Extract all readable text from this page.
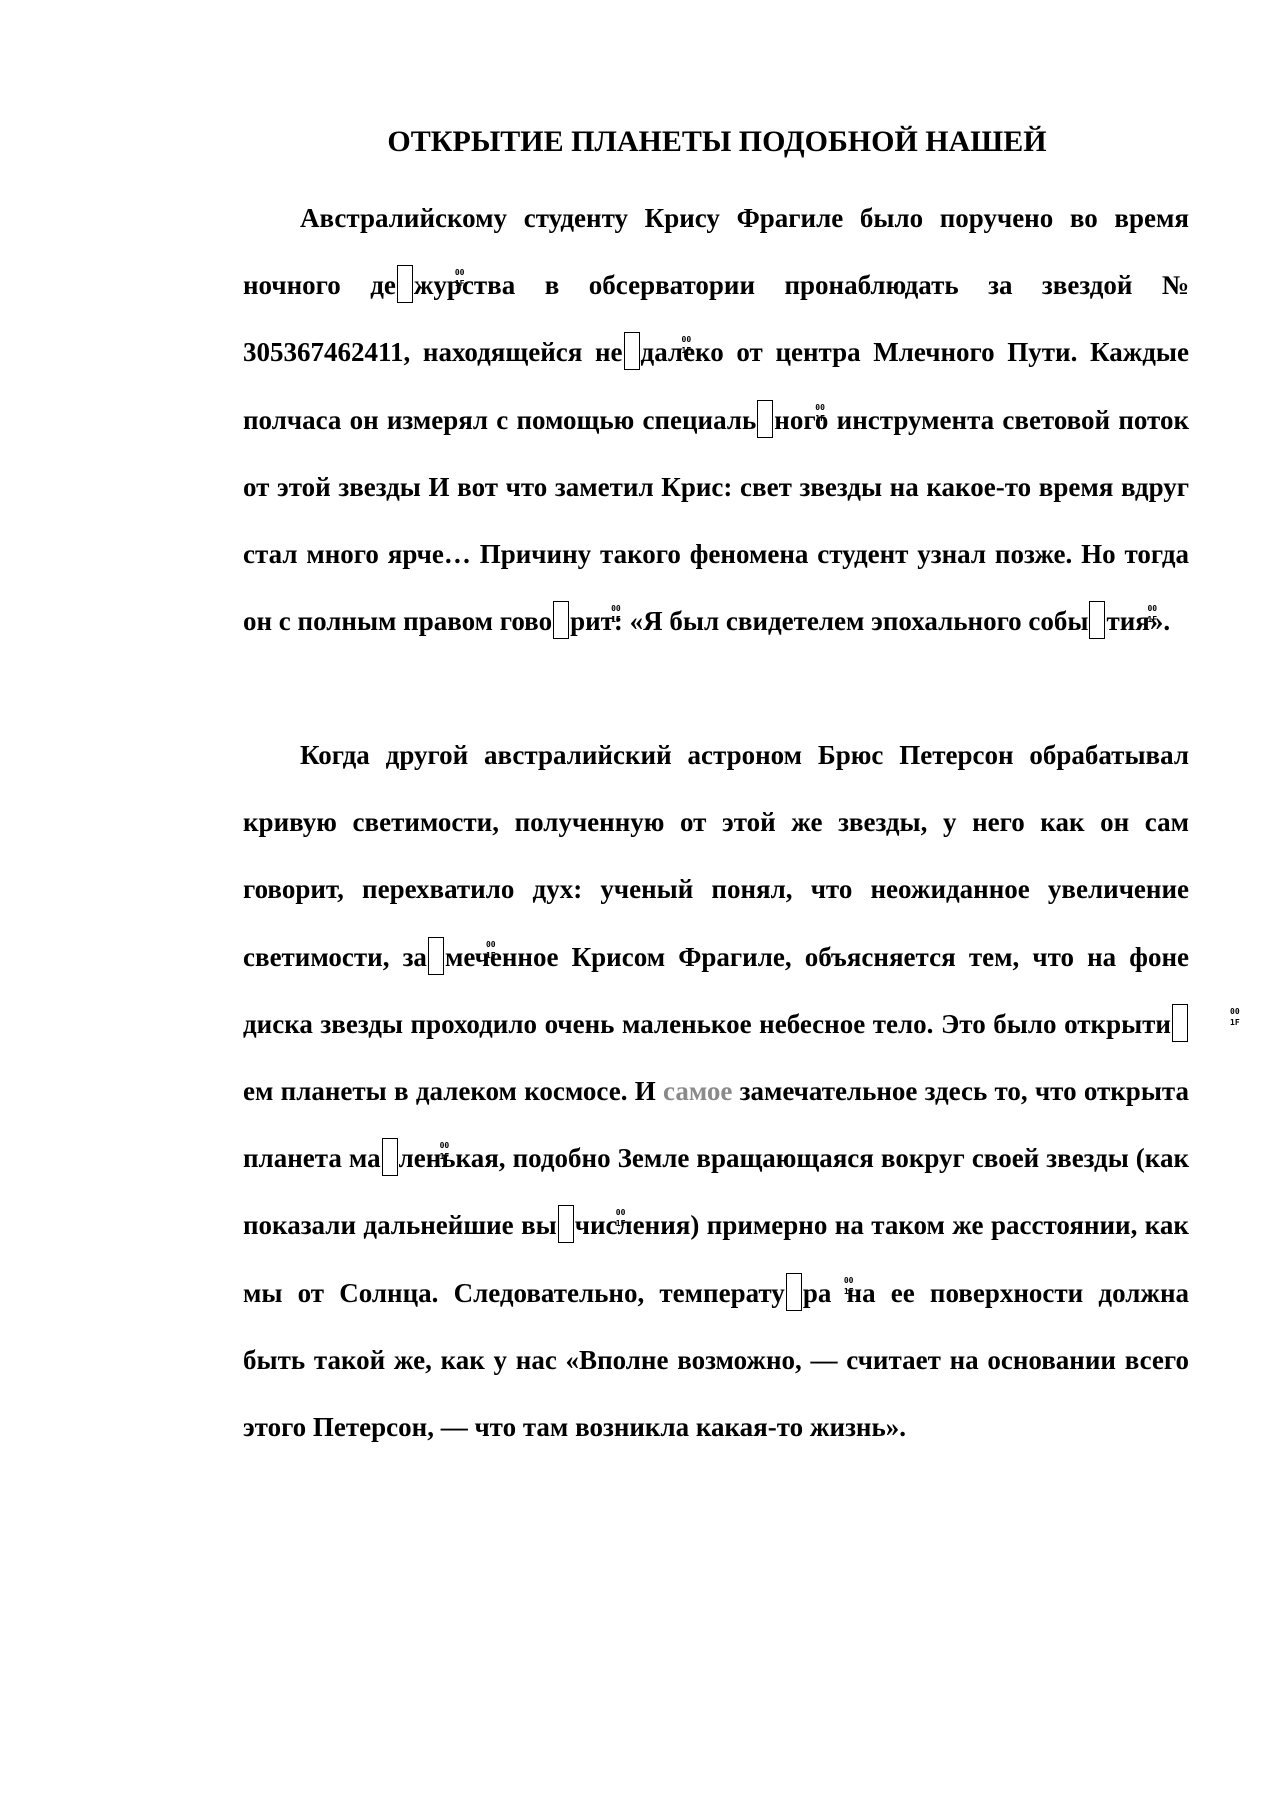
ОТКРЫТИЕ ПЛАНЕТЫ ПОДОБНОЙ НАШЕЙ

Австралийскому студенту Крису Фрагиле было поручено во время ночного де 00 1F журства в обсерватории пронаблюдать за звездой № 305367462411, находящейся не 00 1F далеко от центра Млечного Пути. Каждые полчаса он измерял с помощью специаль 00 1F ного инструмента световой поток от этой звезды И вот что заметил Крис: свет звезды на какое-то время вдруг стал много ярче… Причину такого феномена студент узнал позже. Но тогда он с полным правом гово 00 1F рит: «Я был свидетелем эпохального собы 00 1F тия».

Когда другой австралийский астроном Брюс Петерсон обрабатывал кривую светимости, полученную от этой же звезды, у него как он сам говорит, перехватило дух: ученый понял, что неожиданное увеличение светимости, за 00 1F меченное Крисом Фрагиле, объясняется тем, что на фоне диска звезды проходило очень маленькое небесное тело. Это было открыти00 1Fем планеты в далеком космосе. И самое замечательное здесь то, что открыта планета ма 00 1F ленькая, подобно Земле вращающаяся вокруг своей звезды (как показали дальнейшие вы 00 1F числения) примерно на таком же расстоянии, как мы от Солнца. Следовательно, температу 00 1F ра на ее поверхности должна быть такой же, как у нас «Вполне возможно, — считает на основании всего этого Петерсон, — что там возникла какая-то жизнь».
